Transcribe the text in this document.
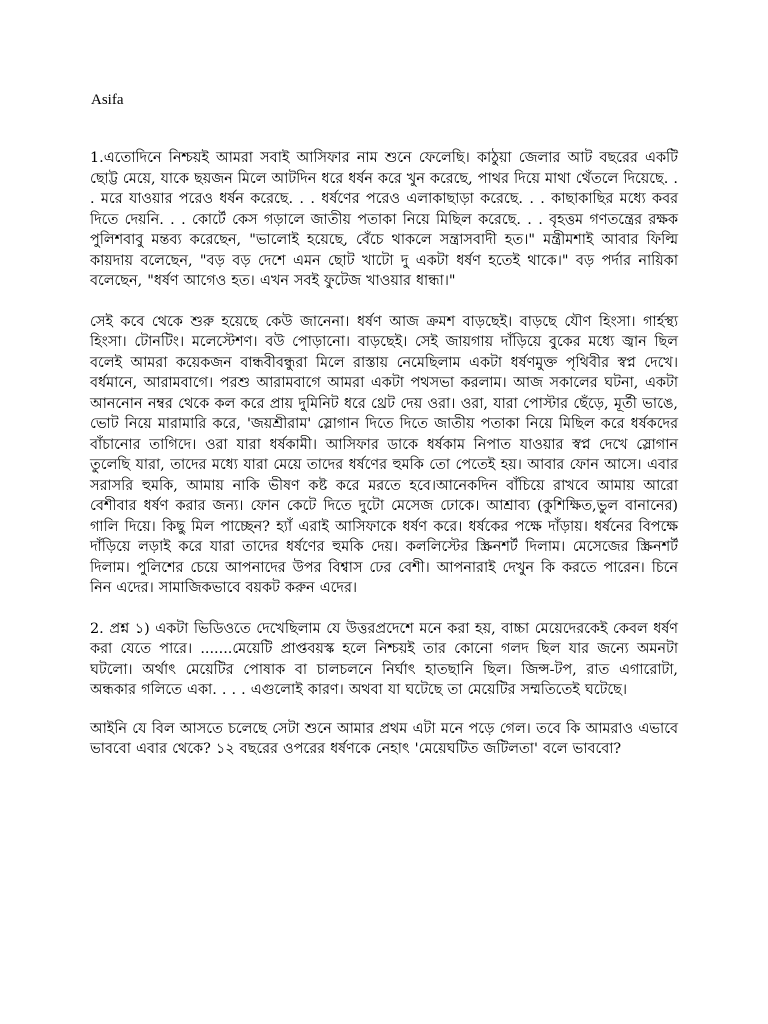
Asifa

1.এতোদিনে নিশ্চয়ই আমরা সবাই আসিফার নাম শুনে ফেলেছি। কাঠুয়া জেলার আট বছরের একটি ছোট্ট মেয়ে, যাকে ছয়জন মিলে আটদিন ধরে ধর্ষন করে খুন করেছে, পাথর দিয়ে মাথা থেঁতলে দিয়েছে. . . মরে যাওয়ার পরেও ধর্ষন করেছে. . . ধর্ষণের পরেও এলাকাছাড়া করেছে. . . কাছাকাছির মধ্যে কবর দিতে দেয়নি. . . কোর্টে কেস গড়ালে জাতীয় পতাকা নিয়ে মিছিল করেছে. . . বৃহত্তম গণতন্ত্রের রক্ষক পুলিশবাবু মন্তব্য করেছেন, "ভালোই হয়েছে, বেঁচে থাকলে সন্ত্রাসবাদী হত।" মন্ত্রীমশাই আবার ফিল্মি কায়দায় বলেছেন, "বড় বড় দেশে এমন ছোট খাটো দু একটা ধর্ষণ হতেই থাকে।" বড় পর্দার নায়িকা বলেছেন, "ধর্ষণ আগেও হত। এখন সবই ফুটেজ খাওয়ার ধান্ধা।"

সেই কবে থেকে শুরু হয়েছে কেউ জানেনা। ধর্ষণ আজ ক্রমশ বাড়ছেই। বাড়ছে যৌণ হিংসা। গার্হস্থ্য হিংসা। টোনটিং। মলেস্টেশণ। বউ পোড়ানো। বাড়ছেই। সেই জায়গায় দাঁড়িয়ে বুকের মধ্যে জ্বান ছিল বলেই আমরা কয়েকজন বান্ধবীবন্ধুরা মিলে রাস্তায় নেমেছিলাম একটা ধর্ষণমুক্ত পৃথিবীর স্বপ্ন দেখে। বর্ধমানে, আরামবাগে। পরশু আরামবাগে আমরা একটা পথসভা করলাম। আজ সকালের ঘটনা, একটা আননোন নম্বর থেকে কল করে প্রায় দুমিনিট ধরে থ্রেট দেয় ওরা। ওরা, যারা পোস্টার ছেঁড়ে, মূর্তী ভাঙে, ভোট নিয়ে মারামারি করে, 'জয়শ্রীরাম' স্লোগান দিতে দিতে জাতীয় পতাকা নিয়ে মিছিল করে ধর্ষকদের বাঁচানোর তাগিদে। ওরা যারা ধর্ষকামী। আসিফার ডাকে ধর্ষকাম নিপাত যাওয়ার স্বপ্ন দেখে স্লোগান তুলেছি যারা, তাদের মধ্যে যারা মেয়ে তাদের ধর্ষণের হুমকি তো পেতেই হয়। আবার ফোন আসে। এবার সরাসরি হুমকি, আমায় নাকি ভীষণ কষ্ট করে মরতে হবে।আনেকদিন বাঁচিয়ে রাখবে আমায় আরো বেশীবার ধর্ষণ করার জন্য। ফোন কেটে দিতে দুটো মেসেজ ঢোকে। আশ্রাব্য (কুশিক্ষিত,ভুল বানানের) গালি দিয়ে। কিছু মিল পাচ্ছেন? হ্যাঁ এরাই আসিফাকে ধর্ষণ করে। ধর্ষকের পক্ষে দাঁড়ায়। ধর্ষনের বিপক্ষে দাঁড়িয়ে লড়াই করে যারা তাদের ধর্ষণের হুমকি দেয়। কললিস্টের স্ক্রিনশর্ট দিলাম। মেসেজের স্ক্রিনশর্ট দিলাম। পুলিশের চেয়ে আপনাদের উপর বিশ্বাস ঢের বেশী। আপনারাই দেখুন কি করতে পারেন। চিনে নিন এদের। সামাজিকভাবে বয়কট করুন এদের।

2. প্রশ্ন ১) একটা ভিডিওতে দেখেছিলাম যে উত্তরপ্রদেশে মনে করা হয়, বাচ্চা মেয়েদেরকেই কেবল ধর্ষণ করা যেতে পারে। .......মেয়েটি প্রাপ্তবয়স্ক হলে নিশ্চয়ই তার কোনো গলদ ছিল যার জন্যে অমনটা ঘটলো। অর্থাৎ মেয়েটির পোষাক বা চালচলনে নির্ঘাৎ হাতছানি ছিল। জিন্স-টপ, রাত এগারোটা, অন্ধকার গলিতে একা. . . . এগুলোই কারণ। অথবা যা ঘটেছে তা মেয়েটির সম্মতিতেই ঘটেছে।

আইনি যে বিল আসতে চলেছে সেটা শুনে আমার প্রথম এটা মনে পড়ে গেল। তবে কি আমরাও এভাবে ভাববো এবার থেকে? ১২ বছরের ওপরের ধর্ষণকে নেহাৎ 'মেয়েঘটিত জটিলতা' বলে ভাববো?
